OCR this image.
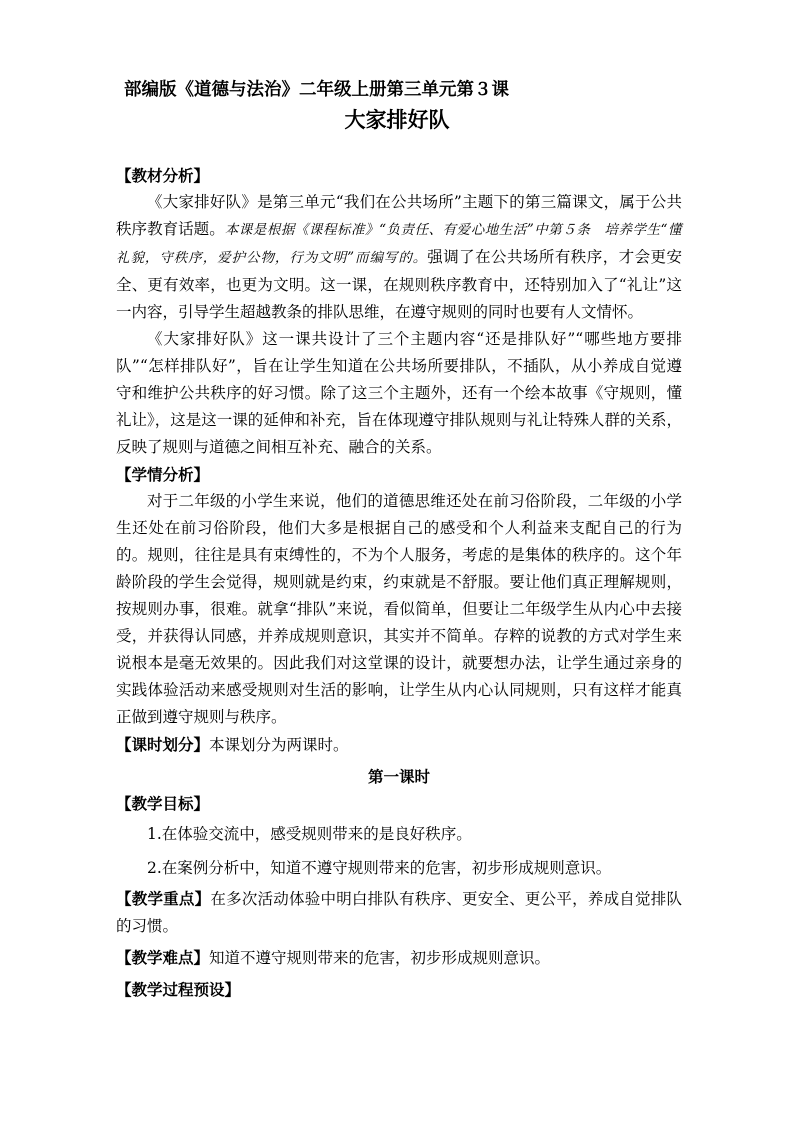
部编版《道德与法治》二年级上册第三单元第３课
大家排好队
【教材分析】

《大家排好队》是第三单元“我们在公共场所”主题下的第三篇课文，属于公共秩序教育话题。本课是根据《课程标准》“负责任、有爱心地生活”中第５条　培养学生“懂礼貌，守秩序，爱护公物，行为文明”而编写的。强调了在公共场所有秩序，才会更安全、更有效率，也更为文明。这一课，在规则秩序教育中，还特别加入了“礼让”这一内容，引导学生超越教条的排队思维，在遵守规则的同时也要有人文情怀。

《大家排好队》这一课共设计了三个主题内容“还是排队好”“哪些地方要排队”“怎样排队好”，旨在让学生知道在公共场所要排队，不插队，从小养成自觉遵守和维护公共秩序的好习惯。除了这三个主题外，还有一个绘本故事《守规则，懂礼让》，这是这一课的延伸和补充，旨在体现遵守排队规则与礼让特殊人群的关系，反映了规则与道德之间相互补充、融合的关系。

【学情分析】

对于二年级的小学生来说，他们的道德思维还处在前习俗阶段，二年级的小学生还处在前习俗阶段，他们大多是根据自己的感受和个人利益来支配自己的行为的。规则，往往是具有束缚性的，不为个人服务，考虑的是集体的秩序的。这个年龄阶段的学生会觉得，规则就是约束，约束就是不舒服。要让他们真正理解规则，按规则办事，很难。就拿“排队”来说，看似简单，但要让二年级学生从内心中去接受，并获得认同感，并养成规则意识，其实并不简单。存粹的说教的方式对学生来说根本是毫无效果的。因此我们对这堂课的设计，就要想办法，让学生通过亲身的实践体验活动来感受规则对生活的影响，让学生从内心认同规则，只有这样才能真正做到遵守规则与秩序。

【课时划分】本课划分为两课时。

第一课时
【教学目标】

1.在体验交流中，感受规则带来的是良好秩序。

2.在案例分析中，知道不遵守规则带来的危害，初步形成规则意识。

【教学重点】在多次活动体验中明白排队有秩序、更安全、更公平，养成自觉排队的习惯。

【教学难点】知道不遵守规则带来的危害，初步形成规则意识。

【教学过程预设】
